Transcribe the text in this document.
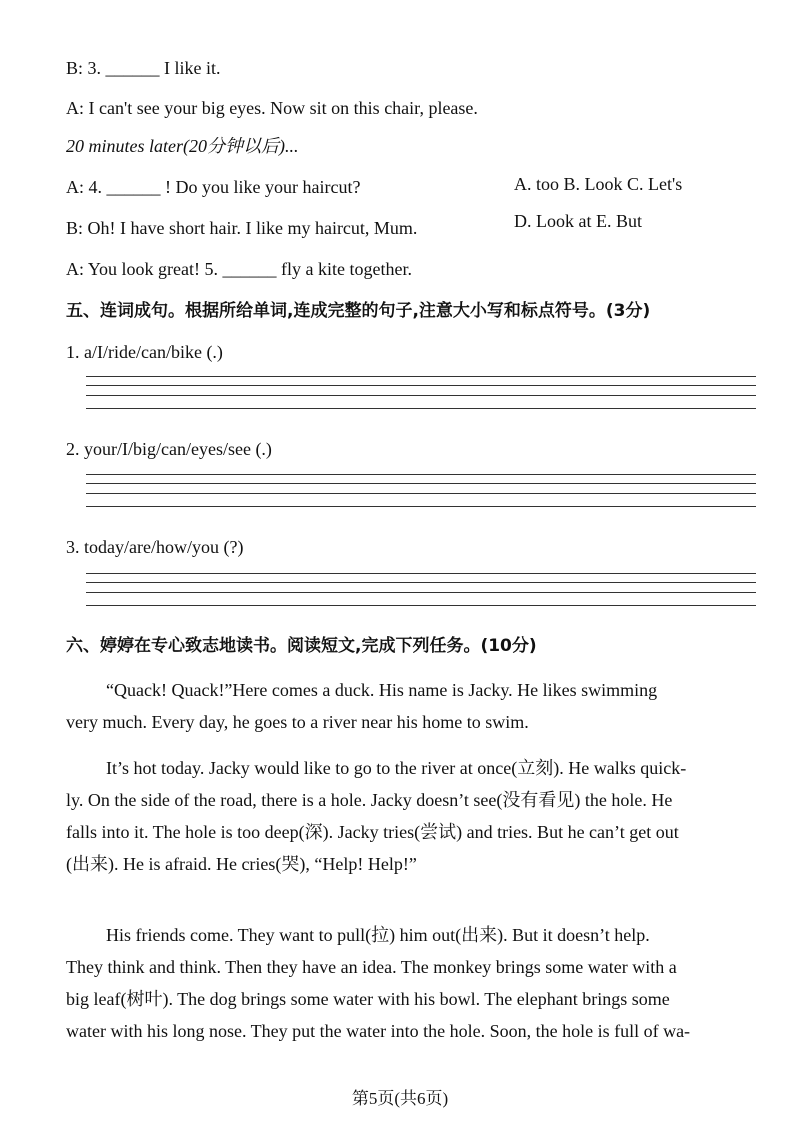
B: 3. ______ I like it.
A: I can't see your big eyes. Now sit on this chair, please.
20 minutes later(20分钟以后)...
A: 4. ______ ! Do you like your haircut?
B: Oh! I have short hair. I like my haircut, Mum.
A: You look great! 5. ______ fly a kite together.
A. too B. Look C. Let's
D. Look at E. But
五、连词成句。根据所给单词,连成完整的句子,注意大小写和标点符号。(3分)
1. a/I/ride/can/bike (.)
2. your/I/big/can/eyes/see (.)
3. today/are/how/you (?)
六、婷婷在专心致志地读书。阅读短文,完成下列任务。(10分)
“Quack! Quack!”Here comes a duck. His name is Jacky. He likes swimming
very much. Every day, he goes to a river near his home to swim.
It’s hot today. Jacky would like to go to the river at once(立刻). He walks quick-
ly. On the side of the road, there is a hole. Jacky doesn’t see(没有看见) the hole. He
falls into it. The hole is too deep(深). Jacky tries(尝试) and tries. But he can’t get out
(出来). He is afraid. He cries(哭), “Help! Help!”
His friends come. They want to pull(拉) him out(出来). But it doesn’t help.
They think and think. Then they have an idea. The monkey brings some water with a
big leaf(树叶). The dog brings some water with his bowl. The elephant brings some
water with his long nose. They put the water into the hole. Soon, the hole is full of wa-
第5页(共6页)
